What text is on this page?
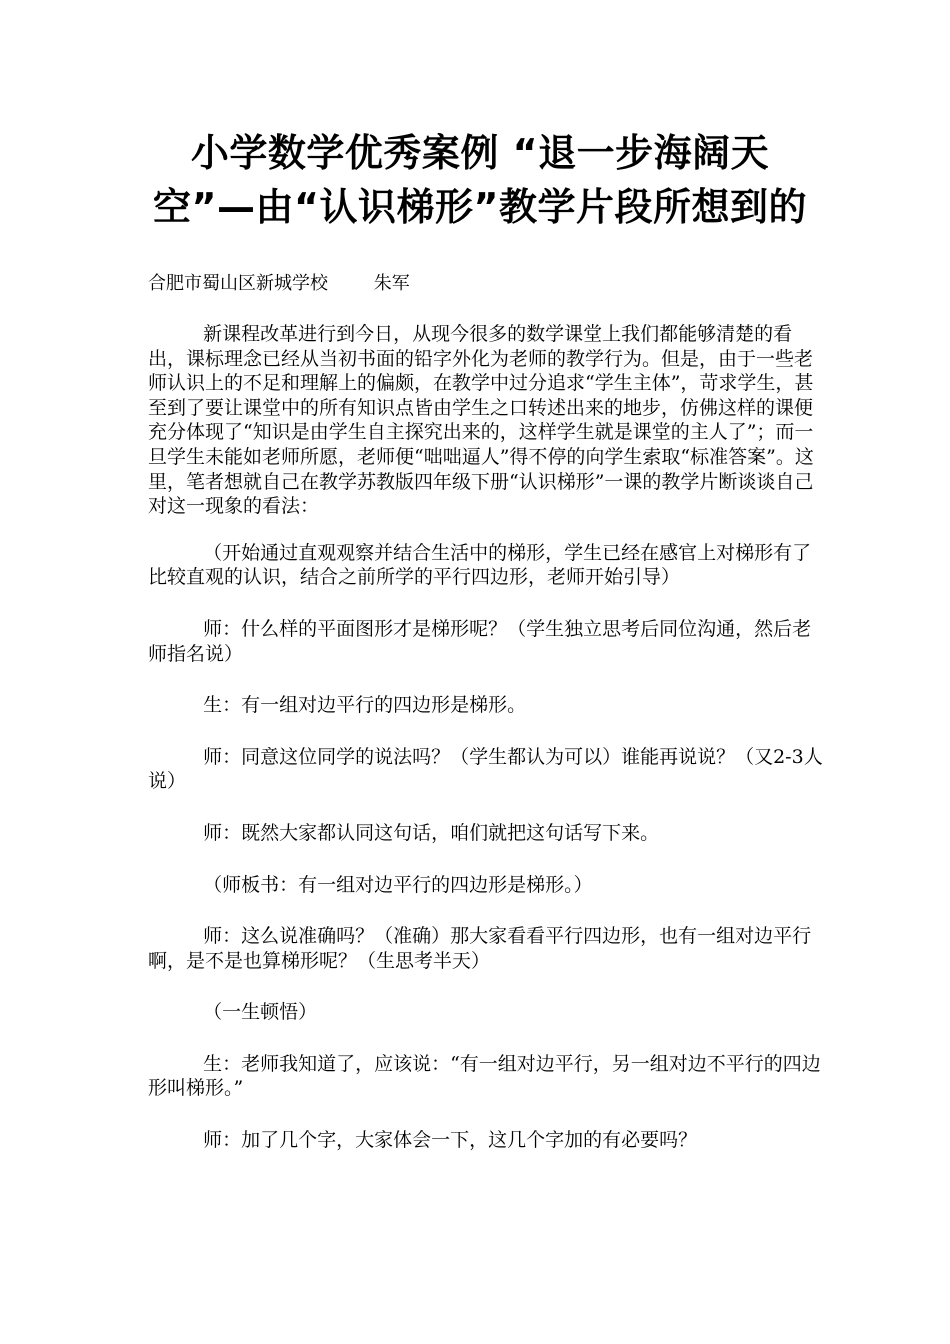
小学数学优秀案例 “退一步海阔天空”—由“认识梯形”教学片段所想到的
合肥市蜀山区新城学校        朱军

新课程改革进行到今日，从现今很多的数学课堂上我们都能够清楚的看出，课标理念已经从当初书面的铅字外化为老师的教学行为。但是，由于一些老师认识上的不足和理解上的偏颇，在教学中过分追求“学生主体”，苛求学生，甚至到了要让课堂中的所有知识点皆由学生之口转述出来的地步，仿佛这样的课便充分体现了“知识是由学生自主探究出来的，这样学生就是课堂的主人了”；而一旦学生未能如老师所愿，老师便“咄咄逼人”得不停的向学生索取“标准答案”。这里，笔者想就自己在教学苏教版四年级下册“认识梯形”一课的教学片断谈谈自己对这一现象的看法：

（开始通过直观观察并结合生活中的梯形，学生已经在感官上对梯形有了比较直观的认识，结合之前所学的平行四边形，老师开始引导）

师：什么样的平面图形才是梯形呢？（学生独立思考后同位沟通，然后老师指名说）

生：有一组对边平行的四边形是梯形。

师：同意这位同学的说法吗？（学生都认为可以）谁能再说说？（又2-3人说）

师：既然大家都认同这句话，咱们就把这句话写下来。

（师板书：有一组对边平行的四边形是梯形。）

师：这么说准确吗？（准确）那大家看看平行四边形，也有一组对边平行啊，是不是也算梯形呢？（生思考半天）

（一生顿悟）

生：老师我知道了，应该说：“有一组对边平行，另一组对边不平行的四边形叫梯形。”

师：加了几个字，大家体会一下，这几个字加的有必要吗？
